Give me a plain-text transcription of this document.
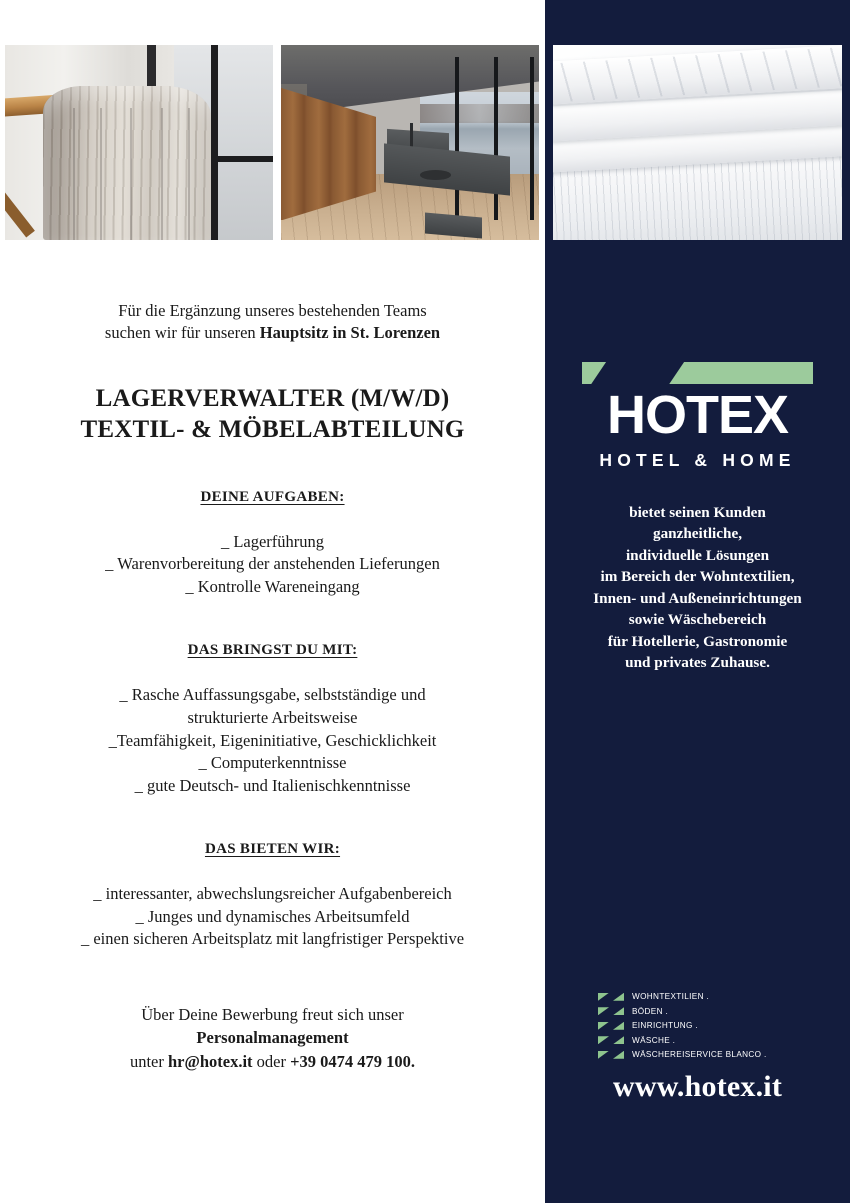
Für die Ergänzung unseres bestehenden Teams
suchen wir für unseren Hauptsitz in St. Lorenzen
LAGERVERWALTER (M/W/D)
TEXTIL- & MÖBELABTEILUNG
DEINE AUFGABEN:
_ Lagerführung
_ Warenvorbereitung der anstehenden Lieferungen
_ Kontrolle Wareneingang
DAS BRINGST DU MIT:
_ Rasche Auffassungsgabe, selbstständige und
strukturierte Arbeitsweise
_Teamfähigkeit, Eigeninitiative, Geschicklichkeit
_ Computerkenntnisse
_ gute Deutsch- und Italienischkenntnisse
DAS BIETEN WIR:
_ interessanter, abwechslungsreicher Aufgabenbereich
_ Junges und dynamisches Arbeitsumfeld
_ einen sicheren Arbeitsplatz mit langfristiger Perspektive
Über Deine Bewerbung freut sich unser
Personalmanagement
unter hr@hotex.it oder +39 0474 479 100.
HOTEX
HOTEL & HOME
bietet seinen Kunden
ganzheitliche,
individuelle Lösungen
im Bereich der Wohntextilien,
Innen- und Außeneinrichtungen
sowie Wäschebereich
für Hotellerie, Gastronomie
und privates Zuhause.
WOHNTEXTILIEN .
BÖDEN .
EINRICHTUNG .
WÄSCHE .
WÄSCHEREISERVICE BLANCO .
www.hotex.it
